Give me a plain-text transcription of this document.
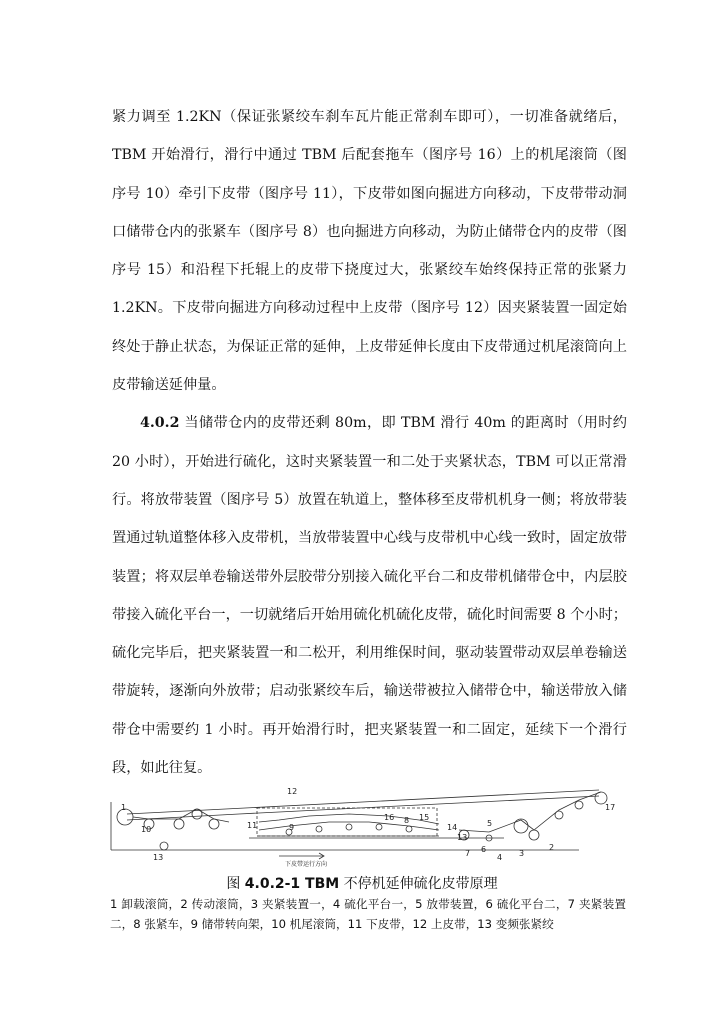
紧力调至 1.2KN（保证张紧绞车刹车瓦片能正常刹车即可），一切准备就绪后，TBM 开始滑行，滑行中通过 TBM 后配套拖车（图序号 16）上的机尾滚筒（图序号 10）牵引下皮带（图序号 11），下皮带如图向掘进方向移动，下皮带带动洞口储带仓内的张紧车（图序号 8）也向掘进方向移动，为防止储带仓内的皮带（图序号 15）和沿程下托辊上的皮带下挠度过大，张紧绞车始终保持正常的张紧力 1.2KN。下皮带向掘进方向移动过程中上皮带（图序号 12）因夹紧装置一固定始终处于静止状态，为保证正常的延伸，上皮带延伸长度由下皮带通过机尾滚筒向上皮带输送延伸量。

4.0.2 当储带仓内的皮带还剩 80m，即 TBM 滑行 40m 的距离时（用时约 20 小时），开始进行硫化，这时夹紧装置一和二处于夹紧状态，TBM 可以正常滑行。将放带装置（图序号 5）放置在轨道上，整体移至皮带机机身一侧；将放带装置通过轨道整体移入皮带机，当放带装置中心线与皮带机中心线一致时，固定放带装置；将双层单卷输送带外层胶带分别接入硫化平台二和皮带机储带仓中，内层胶带接入硫化平台一，一切就绪后开始用硫化机硫化皮带，硫化时间需要 8 个小时；硫化完毕后，把夹紧装置一和二松开，利用维保时间，驱动装置带动双层单卷输送带旋转，逐渐向外放带；启动张紧绞车后，输送带被拉入储带仓中，输送带放入储带仓中需要约 1 小时。再开始滑行时，把夹紧装置一和二固定，延续下一个滑行段，如此往复。

12
17
10	11
13
9
8
16	15
14
13
5
7 6
4 3
2
1
下皮带运行方向
图 4.0.2-1 TBM 不停机延伸硫化皮带原理
1 卸载滚筒，2 传动滚筒，3 夹紧装置一，4 硫化平台一，5 放带装置，6 硫化平台二，7 夹紧装置二，8 张紧车，9 储带转向架，10 机尾滚筒，11 下皮带，12 上皮带，13 变频张紧绞
